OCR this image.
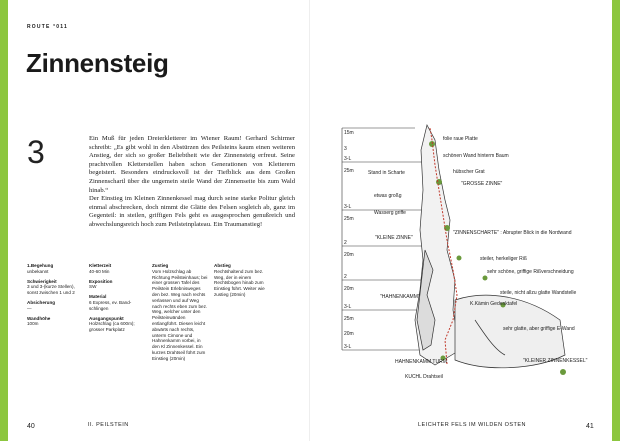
ROUTE °011
Zinnensteig
3	Ein Muß für jeden Dreierkletterer im Wiener Raum! Gerhard Schirmer schreibt: „Es gibt wohl in den Abstürzen des Peilsteins kaum einen weiteren Anstieg, der sich so großer Beliebtheit wie der Zinnensteig erfreut. Seine prachtvollen Kletterstellen haben schon Generationen von Kletterern begeistert. Besonders eindrucksvoll ist der Tiefblick aus dem Großen Zinnenschartl über die ungemein steile Wand der Zinnenseite bis zum Wald hinab.“

Der Einstieg im Kleinen Zinnenkessel mag durch seine starke Politur gleich einmal abschrecken, doch nimmt die Glätte des Felsen sogleich ab, ganz im Gegenteil: in steilen, griffigen Fels geht es ausgesprochen genußreich und abwechslungsreich hoch zum Peilsteinplateau. Ein Traumanstieg!

1.Begehung
unbekannt
Schwierigkeit
3 und 3-(kurze Stellen), sonst zwischen 1 und 2
Absicherung
—
Wandhöhe
100m
Kletterzeit
40-60 Min
Exposition
SW
Material
6 Express, ev. Band-schlingen
Ausgangspunkt
Holzschlag (ca 600m); grosser Parkplatz
Zustieg
Vom Holzschlag ab Richtung Peilsteinhaus; bei einer grossen Tafel des Peilstein Erlebnisweges den bez. Weg nach rechts verlassen und auf Weg nach rechts eben zum bez. Weg, welcher unter den Peilsteinwänden entlangführt. Diesen leicht abwärts nach rechts, unterm Cimone und Hahnenkamm vorbei, in den Kl Zinnenkessel. Ein kurzes Drahtseil führt zum Einstieg (20min)
Abstieg
Rechtshaltend zum bez. Weg, der in einem Rechtsbogen hinab zum Einstieg führt. Weiter wie zustieg (20min)
40	II. PEILSTEIN	LEICHTER FELS IM WILDEN OSTEN	41
15m
3
3-L
25m
3-L
25m
2
20m
2
20m
3-L
25m
20m
3-L
folie raue Platte
schönen Wand hinterm Baum
hübscher Grat
"GROSSE ZINNE"
Stand in Scharte
etwas großg
Wasserg griffe
"ZINNENSCHARTE" : Abrupter Blick in die Nordwand
"KLEINE ZINNE"
steiler, herkeliger Riß
sehr schöne, griffige Rißverschneidung
"HAHNENKAMM"
steile, nicht allzu glatte Wandstelle
K.Kämin Gedenktafel
sehr glatte, aber griffige E-Wand
"KLEINER ZINNENKESSEL"
HAHNENKAMM TURM
KUCHL Drahtseil
